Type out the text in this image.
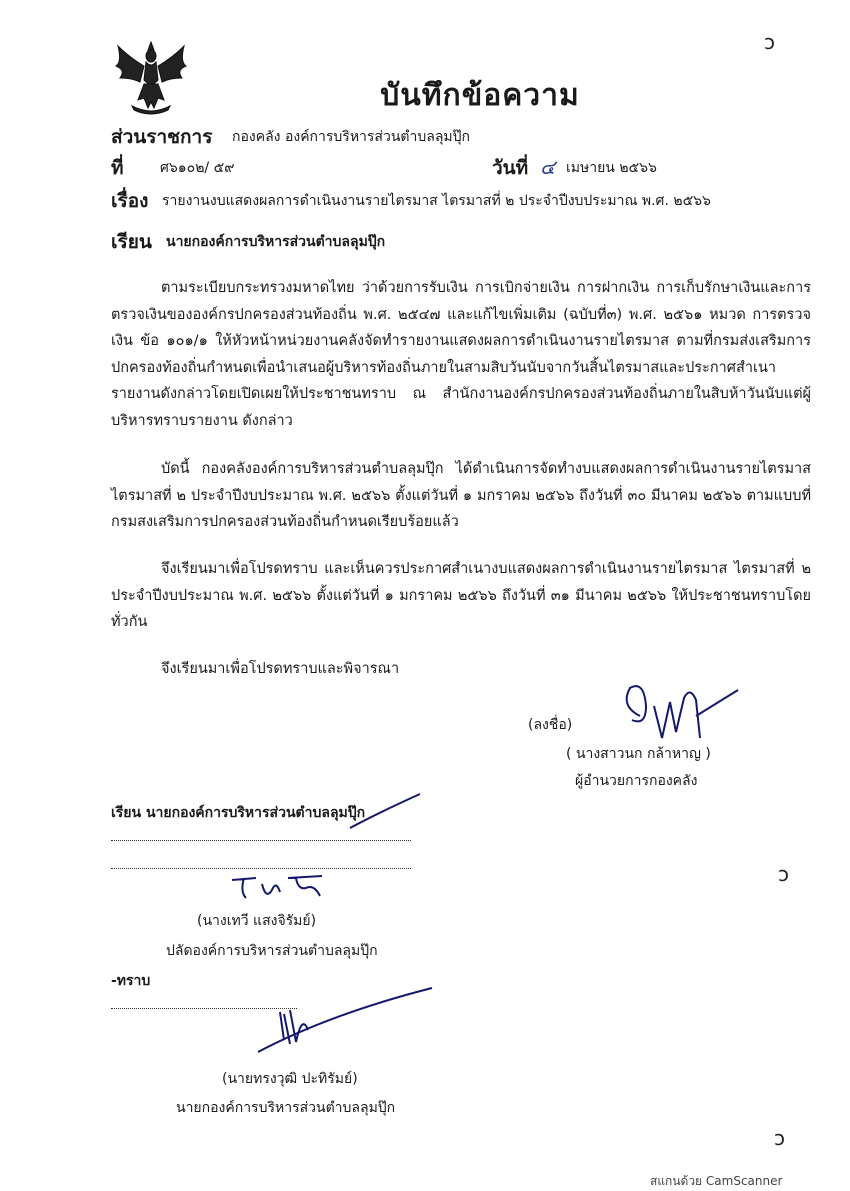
บันทึกข้อความ
ส่วนราชการ กองคลัง องค์การบริหารส่วนตำบลลุมปุ๊ก
ที่	ศ๖๑๐๒/ ๕๙	วันที่ ๔ เมษายน ๒๕๖๖
เรื่อง รายงานงบแสดงผลการดำเนินงานรายไตรมาส ไตรมาสที่ ๒ ประจำปีงบประมาณ พ.ศ. ๒๕๖๖
เรียน นายกองค์การบริหารส่วนตำบลลุมปุ๊ก
ตามระเบียบกระทรวงมหาดไทย ว่าด้วยการรับเงิน การเบิกจ่ายเงิน การฝากเงิน การเก็บรักษาเงินและการตรวจเงินขององค์กรปกครองส่วนท้องถิ่น พ.ศ. ๒๕๔๗ และแก้ไขเพิ่มเติม (ฉบับที่๓) พ.ศ. ๒๕๖๑ หมวด การตรวจเงิน ข้อ ๑๐๑/๑ ให้หัวหน้าหน่วยงานคลังจัดทำรายงานแสดงผลการดำเนินงานรายไตรมาส ตามที่กรมส่งเสริมการปกครองท้องถิ่นกำหนดเพื่อนำเสนอผู้บริหารท้องถิ่นภายในสามสิบวันนับจากวันสิ้นไตรมาสและประกาศสำเนารายงานดังกล่าวโดยเปิดเผยให้ประชาชนทราบ ณ สำนักงานองค์กรปกครองส่วนท้องถิ่นภายในสิบห้าวันนับแต่ผู้บริหารทราบรายงาน ดังกล่าว
บัดนี้ กองคลังองค์การบริหารส่วนตำบลลุมปุ๊ก ได้ดำเนินการจัดทำงบแสดงผลการดำเนินงานรายไตรมาส ไตรมาสที่ ๒ ประจำปีงบประมาณ พ.ศ. ๒๕๖๖ ตั้งแต่วันที่ ๑ มกราคม ๒๕๖๖ ถึงวันที่ ๓๐ มีนาคม ๒๕๖๖ ตามแบบที่กรมสงเสริมการปกครองส่วนท้องถิ่นกำหนดเรียบร้อยแล้ว
จึงเรียนมาเพื่อโปรดทราบ และเห็นควรประกาศสำเนางบแสดงผลการดำเนินงานรายไตรมาส ไตรมาสที่ ๒ ประจำปีงบประมาณ พ.ศ. ๒๕๖๖ ตั้งแต่วันที่ ๑ มกราคม ๒๕๖๖ ถึงวันที่ ๓๑ มีนาคม ๒๕๖๖ ให้ประชาชนทราบโดยทั่วกัน
จึงเรียนมาเพื่อโปรดทราบและพิจารณา
(ลงชื่อ)
( นางสาวนก กล้าหาญ )
ผู้อำนวยการกองคลัง
เรียน นายกองค์การบริหารส่วนตำบลลุมปุ๊ก
(นางเทวี แสงจิรัมย์)
ปลัดองค์การบริหารส่วนตำบลลุมปุ๊ก
-ทราบ
(นายทรงวุฒิ ปะทิรัมย์)
นายกองค์การบริหารส่วนตำบลลุมปุ๊ก
ɔ
ɔ
ɔ
สแกนด้วย CamScanner
